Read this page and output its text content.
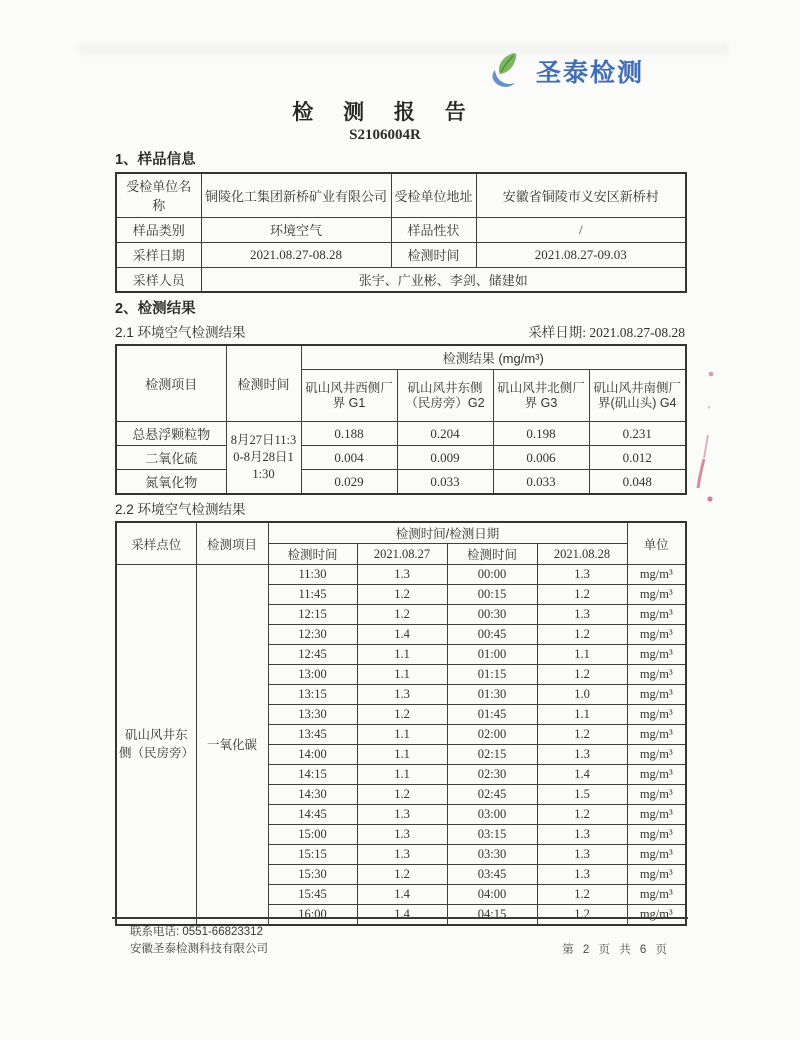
圣泰检测
检 测 报 告
S2106004R
1、样品信息
受检单位名称	铜陵化工集团新桥矿业有限公司	受检单位地址	安徽省铜陵市义安区新桥村
样品类别	环境空气	样品性状	/
采样日期	2021.08.27-08.28	检测时间	2021.08.27-09.03
采样人员	张宇、广业彬、李剑、储建如		
2、检测结果
2.1 环境空气检测结果	采样日期: 2021.08.27-08.28
检测项目	检测时间	检测结果 (mg/m³)			
		矶山风井西侧厂界 G1	矶山风井东侧（民房旁）G2	矶山风井北侧厂界 G3	矶山风井南侧厂界(矶山头) G4
总悬浮颗粒物	8月27日11:30-8月28日11:30	0.188	0.204	0.198	0.231
二氧化硫		0.004	0.009	0.006	0.012
氮氧化物		0.029	0.033	0.033	0.048
2.2 环境空气检测结果
采样点位	检测项目	检测时间/检测日期				单位
		检测时间	2021.08.27	检测时间	2021.08.28	
矶山风井东侧（民房旁）	一氧化碳	11:30	1.3	00:00	1.3	mg/m³
		11:45	1.2	00:15	1.2	mg/m³
		12:15	1.2	00:30	1.3	mg/m³
		12:30	1.4	00:45	1.2	mg/m³
		12:45	1.1	01:00	1.1	mg/m³
		13:00	1.1	01:15	1.2	mg/m³
		13:15	1.3	01:30	1.0	mg/m³
		13:30	1.2	01:45	1.1	mg/m³
		13:45	1.1	02:00	1.2	mg/m³
		14:00	1.1	02:15	1.3	mg/m³
		14:15	1.1	02:30	1.4	mg/m³
		14:30	1.2	02:45	1.5	mg/m³
		14:45	1.3	03:00	1.2	mg/m³
		15:00	1.3	03:15	1.3	mg/m³
		15:15	1.3	03:30	1.3	mg/m³
		15:30	1.2	03:45	1.3	mg/m³
		15:45	1.4	04:00	1.2	mg/m³
		16:00	1.4	04:15	1.2	mg/m³
联系电话: 0551-66823312
安徽圣泰检测科技有限公司	第 2 页 共 6 页
